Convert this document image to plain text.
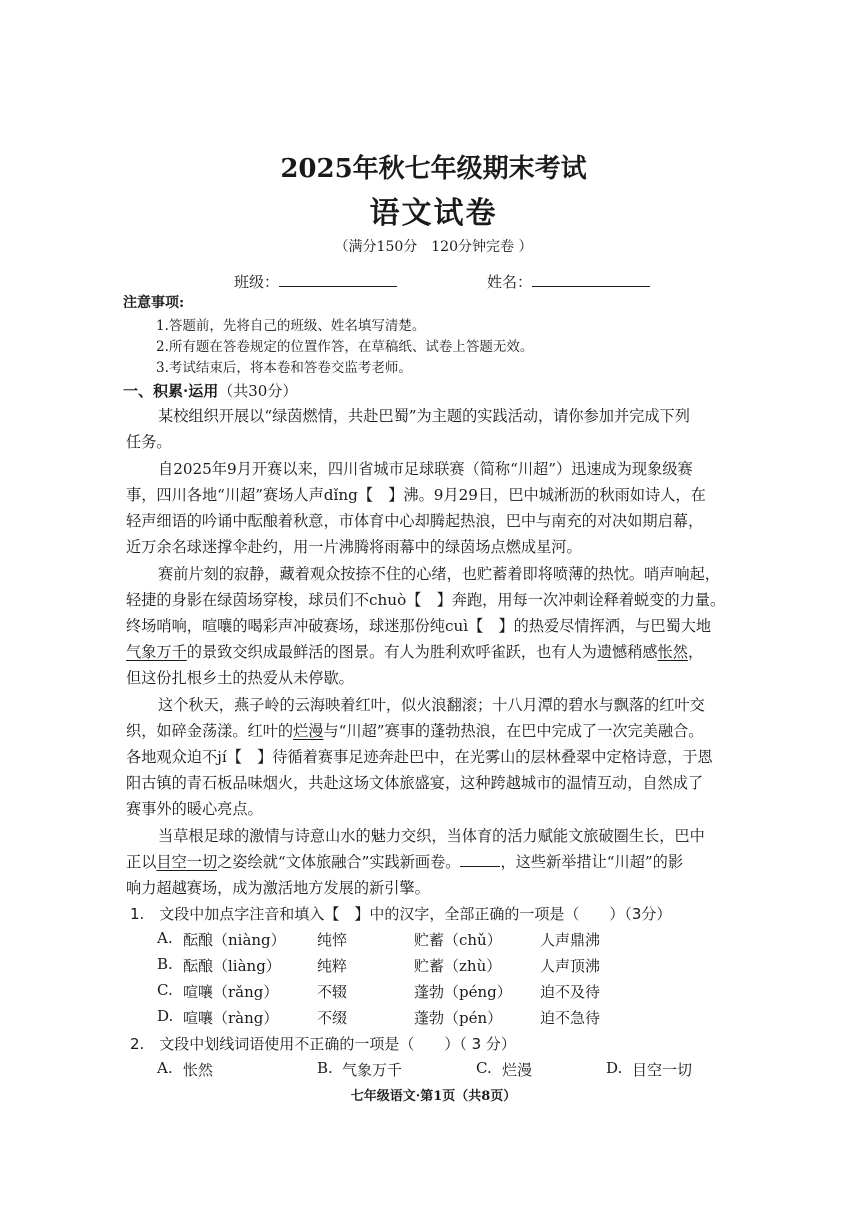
2025年秋七年级期末考试
语文试卷
（满分150分　120分钟完卷 ）
班级：	姓名：
注意事项:
1.答题前，先将自己的班级、姓名填写清楚。
2.所有题在答卷规定的位置作答，在草稿纸、试卷上答题无效。
3.考试结束后，将本卷和答卷交监考老师。
一、积累·运用（共30分）
某校组织开展以“绿茵燃情，共赴巴蜀”为主题的实践活动，请你参加并完成下列
任务。
自2025年9月开赛以来，四川省城市足球联赛（简称“川超”）迅速成为现象级赛
事，四川各地“川超”赛场人声dǐng【　】沸。9月29日，巴中城淅沥的秋雨如诗人，在
轻声细语的吟诵中酝酿着秋意，市体育中心却腾起热浪，巴中与南充的对决如期启幕，
近万余名球迷撑伞赴约，用一片沸腾将雨幕中的绿茵场点燃成星河。
赛前片刻的寂静，藏着观众按捺不住的心绪，也贮蓄着即将喷薄的热忱。哨声响起，
轻捷的身影在绿茵场穿梭，球员们不chuò【　】奔跑，用每一次冲刺诠释着蜕变的力量。
终场哨响，喧嚷的喝彩声冲破赛场，球迷那份纯cuì【　】的热爱尽情挥洒，与巴蜀大地
气象万千的景致交织成最鲜活的图景。有人为胜利欢呼雀跃，也有人为遗憾稍感怅然，
但这份扎根乡土的热爱从未停歇。
这个秋天，燕子岭的云海映着红叶，似火浪翻滚；十八月潭的碧水与飘落的红叶交
织，如碎金荡漾。红叶的烂漫与“川超”赛事的蓬勃热浪，在巴中完成了一次完美融合。
各地观众迫不jí【　】待循着赛事足迹奔赴巴中，在光雾山的层林叠翠中定格诗意，于恩
阳古镇的青石板品味烟火，共赴这场文体旅盛宴，这种跨越城市的温情互动，自然成了
赛事外的暖心亮点。
当草根足球的激情与诗意山水的魅力交织，当体育的活力赋能文旅破圈生长，巴中
正以目空一切之姿绘就“文体旅融合”实践新画卷。	，这些新举措让“川超”的影
响力超越赛场，成为激活地方发展的新引擎。
1.　文段中加点字注音和填入【　】中的汉字，全部正确的一项是（　　）（3分）
A. 酝酿（niàng） 纯悴	贮蓄（chǔ）	人声鼎沸
B. 酝酿（liàng） 纯粹	贮蓄（zhù）	人声顶沸
C. 喧嚷（rǎng）	不辍	蓬勃（péng） 迫不及待
D. 喧嚷（ràng）	不缀	蓬勃（pén）	迫不急待
2.　文段中划线词语使用不正确的一项是（　　）（ 3 分）
A. 怅然	B. 气象万千	C. 烂漫	D. 目空一切
七年级语文·第1页（共8页）
